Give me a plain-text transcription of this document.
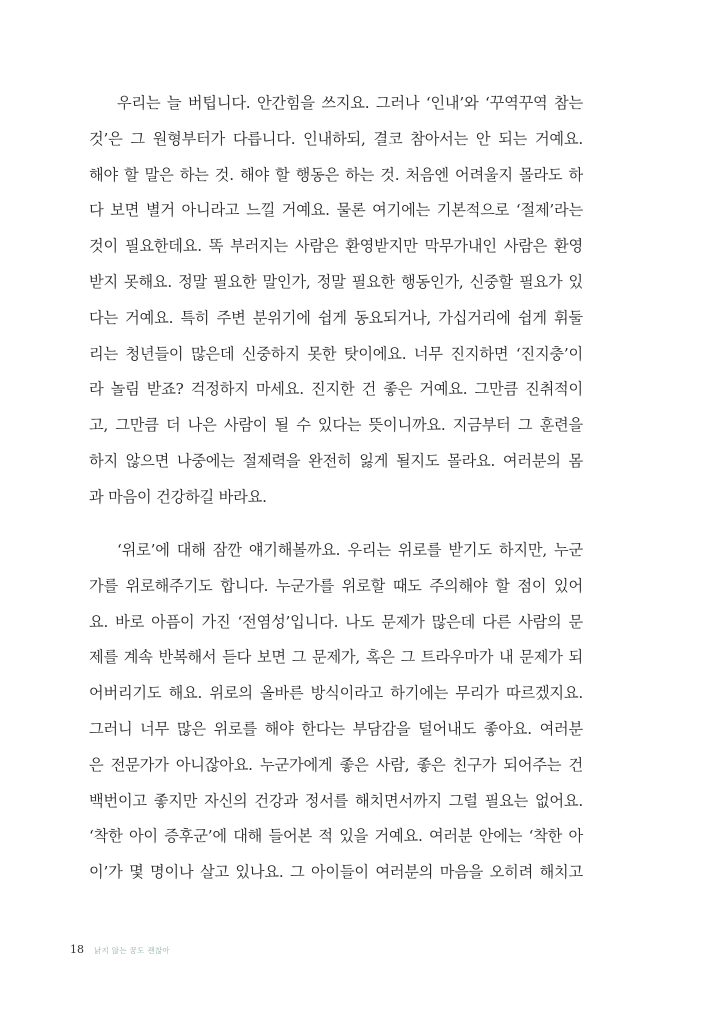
우리는 늘 버팁니다. 안간힘을 쓰지요. 그러나 ‘인내’와 ‘꾸역꾸역 참는
것’은 그 원형부터가 다릅니다. 인내하되, 결코 참아서는 안 되는 거예요.
해야 할 말은 하는 것. 해야 할 행동은 하는 것. 처음엔 어려울지 몰라도 하
다 보면 별거 아니라고 느낄 거예요. 물론 여기에는 기본적으로 ‘절제’라는
것이 필요한데요. 똑 부러지는 사람은 환영받지만 막무가내인 사람은 환영
받지 못해요. 정말 필요한 말인가, 정말 필요한 행동인가, 신중할 필요가 있
다는 거예요. 특히 주변 분위기에 쉽게 동요되거나, 가십거리에 쉽게 휘둘
리는 청년들이 많은데 신중하지 못한 탓이에요. 너무 진지하면 ‘진지충’이
라 놀림 받죠? 걱정하지 마세요. 진지한 건 좋은 거예요. 그만큼 진취적이
고, 그만큼 더 나은 사람이 될 수 있다는 뜻이니까요. 지금부터 그 훈련을
하지 않으면 나중에는 절제력을 완전히 잃게 될지도 몰라요. 여러분의 몸
과 마음이 건강하길 바라요.
‘위로’에 대해 잠깐 얘기해볼까요. 우리는 위로를 받기도 하지만, 누군
가를 위로해주기도 합니다. 누군가를 위로할 때도 주의해야 할 점이 있어
요. 바로 아픔이 가진 ‘전염성’입니다. 나도 문제가 많은데 다른 사람의 문
제를 계속 반복해서 듣다 보면 그 문제가, 혹은 그 트라우마가 내 문제가 되
어버리기도 해요. 위로의 올바른 방식이라고 하기에는 무리가 따르겠지요.
그러니 너무 많은 위로를 해야 한다는 부담감을 덜어내도 좋아요. 여러분
은 전문가가 아니잖아요. 누군가에게 좋은 사람, 좋은 친구가 되어주는 건
백번이고 좋지만 자신의 건강과 정서를 해치면서까지 그럴 필요는 없어요.
‘착한 아이 증후군’에 대해 들어본 적 있을 거예요. 여러분 안에는 ‘착한 아
이’가 몇 명이나 살고 있나요. 그 아이들이 여러분의 마음을 오히려 해치고
18 낡지 않는 꿈도 괜찮아
